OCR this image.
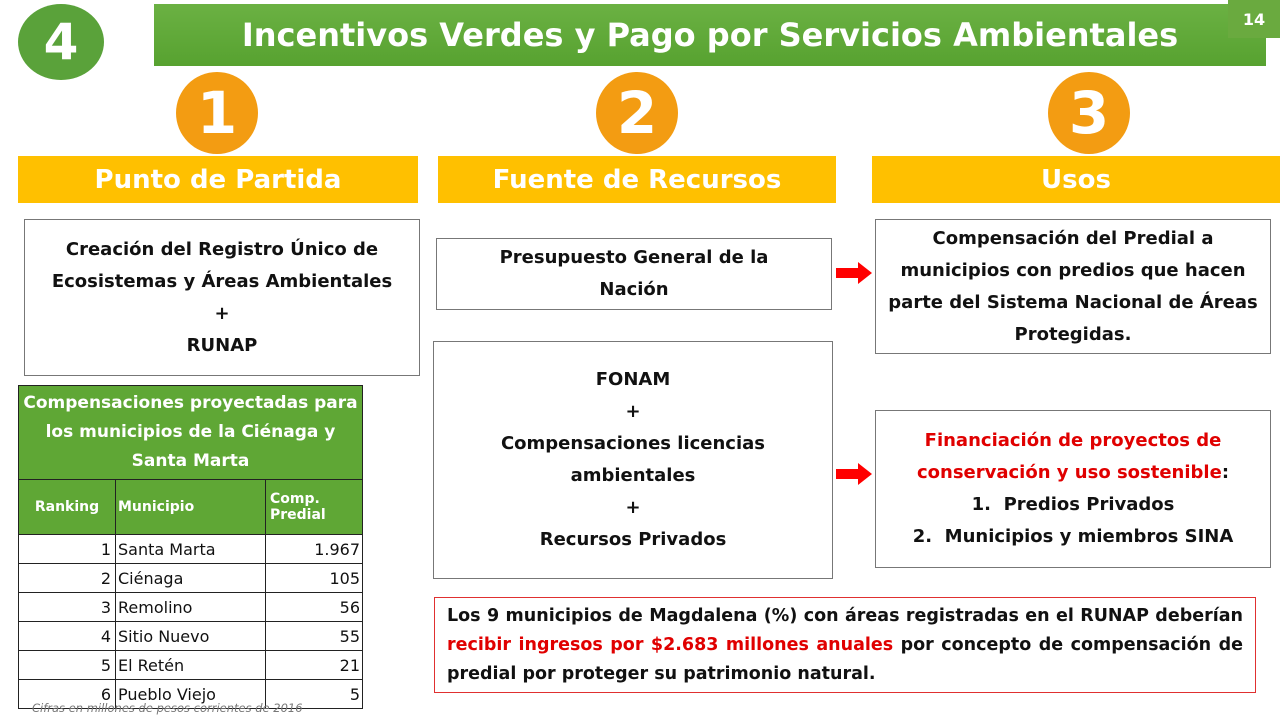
4	Incentivos Verdes y Pago por Servicios Ambientales	14
1	2	3
Punto de Partida	Fuente de Recursos	Usos
Creación del Registro Único de Ecosistemas y Áreas Ambientales
+
RUNAP
Presupuesto General de la Nación
FONAM
+
Compensaciones licencias ambientales
+
Recursos Privados
Compensación del Predial a municipios con predios que hacen parte del Sistema Nacional de Áreas Protegidas.
Financiación de proyectos de conservación y uso sostenible:
1. Predios Privados
2. Municipios y miembros SINA
Compensaciones proyectadas para los municipios de la Ciénaga y Santa Marta		
Ranking	Municipio	Comp. Predial
1	Santa Marta	1.967
2	Ciénaga	105
3	Remolino	56
4	Sitio Nuevo	55
5	El Retén	21
6	Pueblo Viejo	5
Cifras en millones de pesos corrientes de 2016
Los 9 municipios de Magdalena (%) con áreas registradas en el RUNAP deberían recibir ingresos por $2.683 millones anuales por concepto de compensación de predial por proteger su patrimonio natural.
